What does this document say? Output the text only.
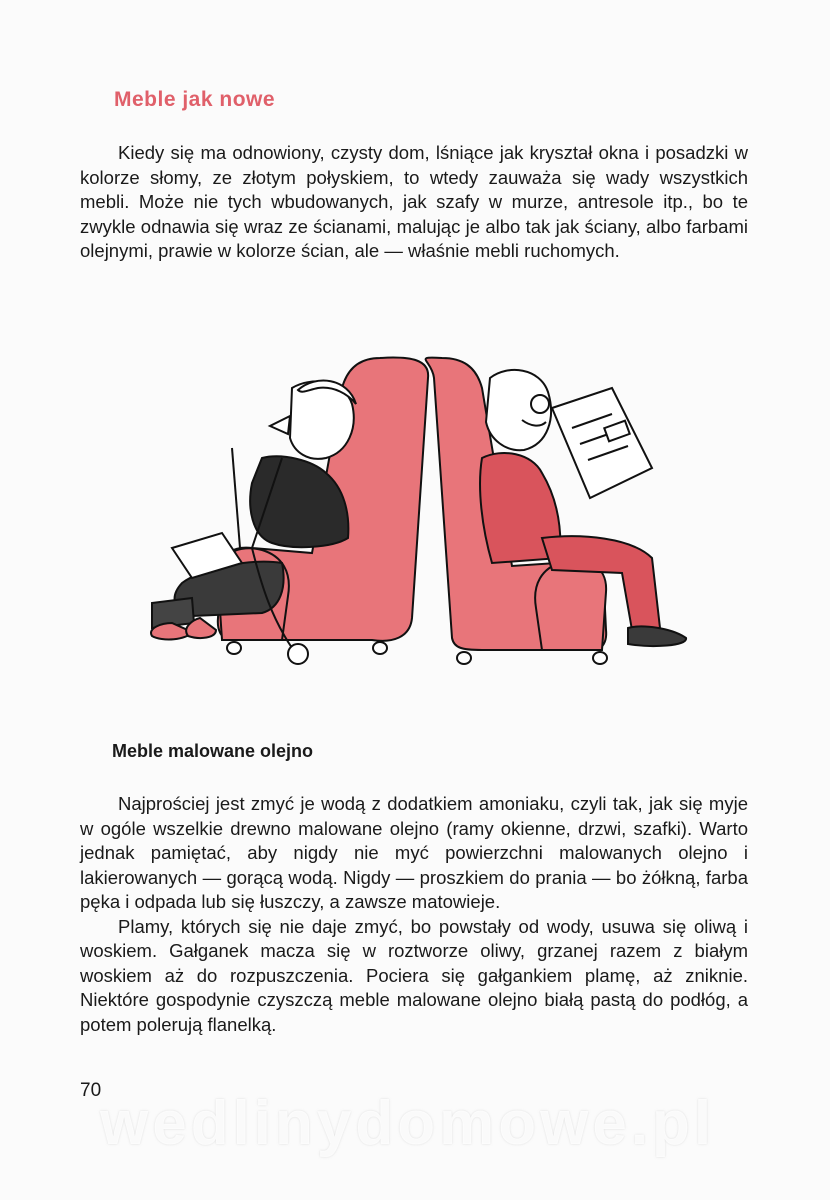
Meble jak nowe

Kiedy się ma odnowiony, czysty dom, lśniące jak kryształ okna i posadzki w kolorze słomy, ze złotym połyskiem, to wtedy zauważa się wady wszystkich mebli. Może nie tych wbudowanych, jak szafy w murze, antresole itp., bo te zwykle odnawia się wraz ze ścianami, malując je albo tak jak ściany, albo farbami olejnymi, prawie w kolorze ścian, ale — właśnie mebli ruchomych.

Meble malowane olejno

Najprościej jest zmyć je wodą z dodatkiem amoniaku, czyli tak, jak się myje w ogóle wszelkie drewno malowane olejno (ramy okienne, drzwi, szafki). Warto jednak pamiętać, aby nigdy nie myć powierzchni malowanych olejno i lakierowanych — gorącą wodą. Nigdy — proszkiem do prania — bo żółkną, farba pęka i odpada lub się łuszczy, a zawsze matowieje.

Plamy, których się nie daje zmyć, bo powstały od wody, usuwa się oliwą i woskiem. Gałganek macza się w roztworze oliwy, grzanej razem z białym woskiem aż do rozpuszczenia. Pociera się gałgankiem plamę, aż zniknie. Niektóre gospodynie czyszczą meble malowane olejno białą pastą do podłóg, a potem polerują flanelką.

70
wedlinydomowe.pl
